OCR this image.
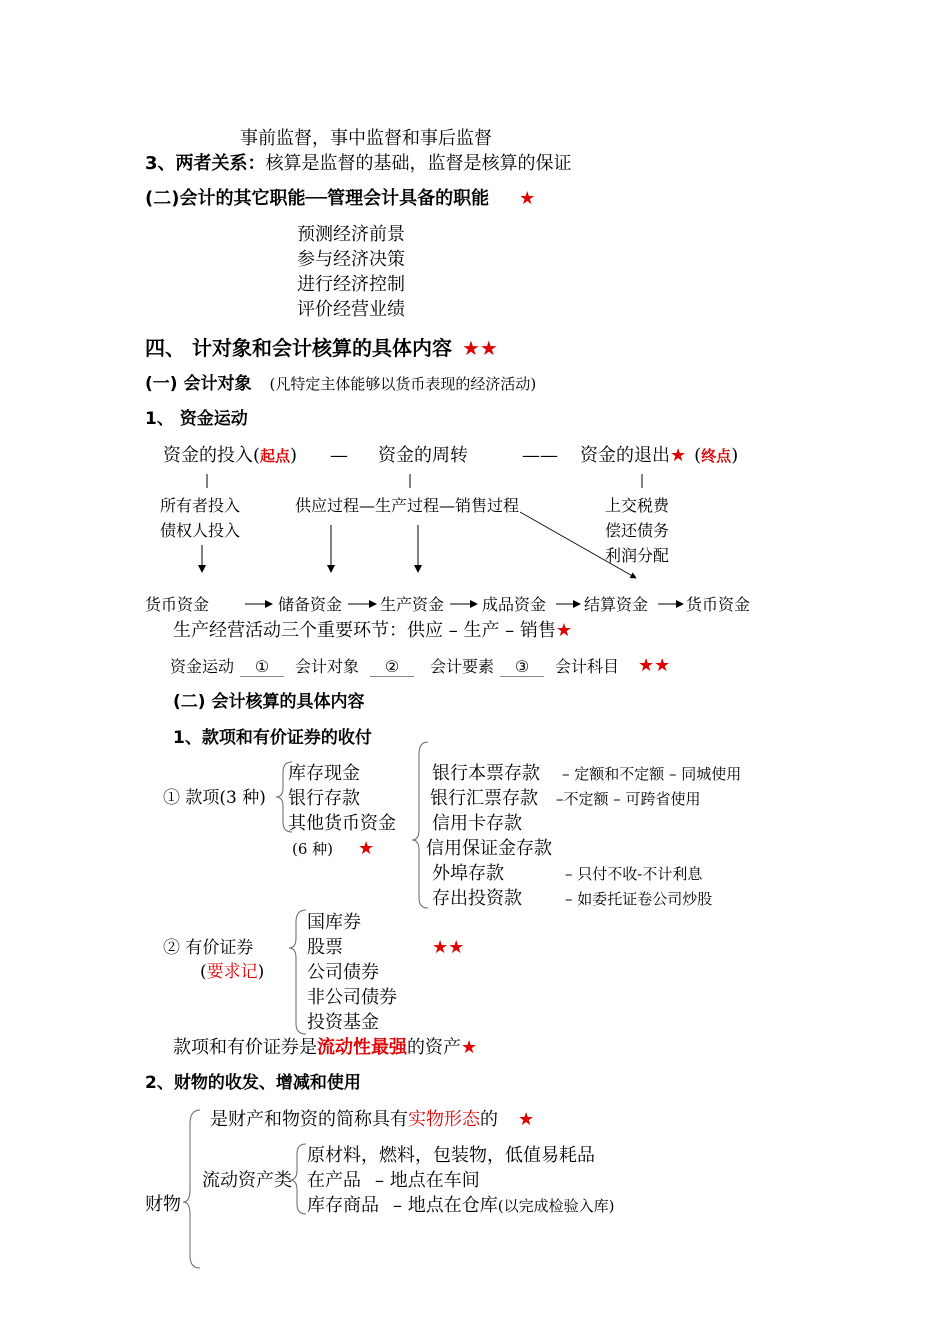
事前监督，事中监督和事后监督
3、两者关系：核算是监督的基础，监督是核算的保证
(二)会计的其它职能──管理会计具备的职能 ★
预测经济前景
参与经济决策
进行经济控制
评价经营业绩
四、 计对象和会计核算的具体内容 ★★
(一) 会计对象 (凡特定主体能够以货币表现的经济活动)
1、 资金运动
资金的投入(起点) — 资金的周转	—— 资金的退出★ (终点)
所有者投入
债权人投入
供应过程—生产过程—销售过程	上交税费
偿还债务
利润分配
货币资金	储备资金 生产资金 成品资金 结算资金 货币资金
生产经营活动三个重要环节：供应 – 生产 – 销售★
资金运动	①	会计对象	②	会计要素	③	会计科目 ★★
(二) 会计核算的具体内容
1、款项和有价证券的收付
① 款项(3 种)
库存现金
银行存款
其他货币资金
(6 种) ★
银行本票存款 – 定额和不定额 – 同城使用
银行汇票存款 –不定额 – 可跨省使用
信用卡存款
信用保证金存款
外埠存款	– 只付不收-不计利息
存出投资款	– 如委托证卷公司炒股
② 有价证券
(要求记)
国库券
股票
公司债券
非公司债券
投资基金
★★
款项和有价证券是流动性最强的资产★
2、财物的收发、增减和使用
是财产和物资的简称具有实物形态的 ★
财物
流动资产类
原材料，燃料，包装物，低值易耗品
在产品 – 地点在车间
库存商品 – 地点在仓库(以完成检验入库)
